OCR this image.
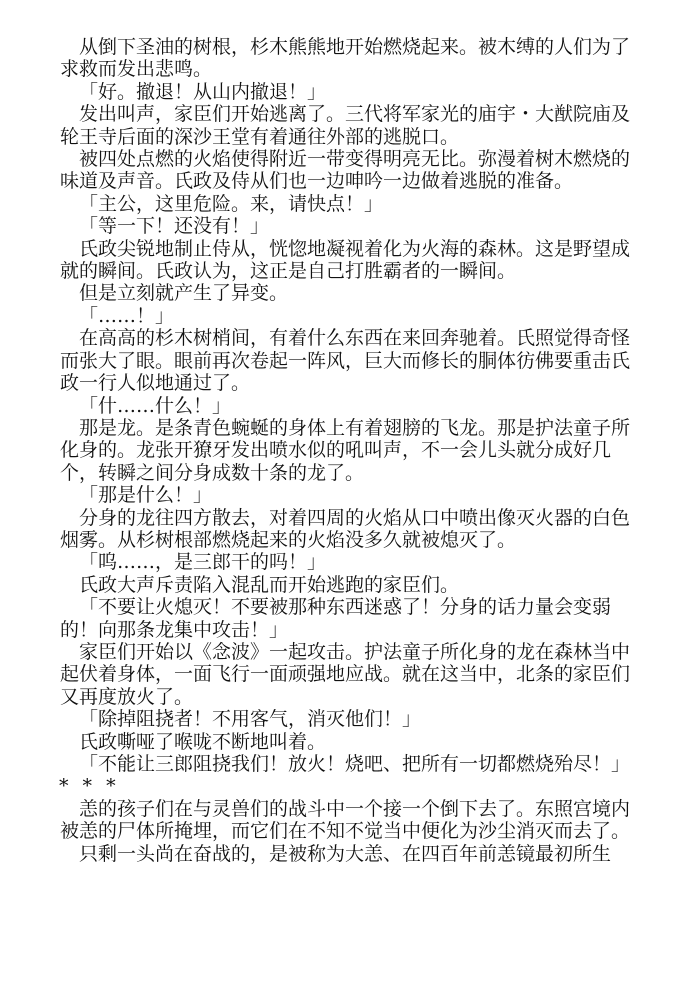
从倒下圣油的树根，杉木熊熊地开始燃烧起来。被木缚的人们为了求救而发出悲鸣。

「好。撤退！从山内撤退！」

发出叫声，家臣们开始逃离了。三代将军家光的庙宇・大猷院庙及轮王寺后面的深沙王堂有着通往外部的逃脱口。

被四处点燃的火焰使得附近一带变得明亮无比。弥漫着树木燃烧的味道及声音。氏政及侍从们也一边呻吟一边做着逃脱的准备。

「主公，这里危险。来，请快点！」

「等一下！还没有！」

氏政尖锐地制止侍从，恍惚地凝视着化为火海的森林。这是野望成就的瞬间。氏政认为，这正是自己打胜霸者的一瞬间。

但是立刻就产生了异变。

「……！」

在高高的杉木树梢间，有着什么东西在来回奔驰着。氏照觉得奇怪而张大了眼。眼前再次卷起一阵风，巨大而修长的胴体彷佛要重击氏政一行人似地通过了。

「什……什么！」

那是龙。是条青色蜿蜒的身体上有着翅膀的飞龙。那是护法童子所化身的。龙张开獠牙发出喷水似的吼叫声，不一会儿头就分成好几个，转瞬之间分身成数十条的龙了。

「那是什么！」

分身的龙往四方散去，对着四周的火焰从口中喷出像灭火器的白色烟雾。从杉树根部燃烧起来的火焰没多久就被熄灭了。

「呜……，是三郎干的吗！」

氏政大声斥责陷入混乱而开始逃跑的家臣们。

「不要让火熄灭！不要被那种东西迷惑了！分身的话力量会变弱的！向那条龙集中攻击！」

家臣们开始以《念波》一起攻击。护法童子所化身的龙在森林当中起伏着身体，一面飞行一面顽强地应战。就在这当中，北条的家臣们又再度放火了。

「除掉阻挠者！不用客气，消灭他们！」

氏政嘶哑了喉咙不断地叫着。

「不能让三郎阻挠我们！放火！烧吧、把所有一切都燃烧殆尽！」

* * *

恙的孩子们在与灵兽们的战斗中一个接一个倒下去了。东照宫境内被恙的尸体所掩埋，而它们在不知不觉当中便化为沙尘消灭而去了。

只剩一头尚在奋战的，是被称为大恙、在四百年前恙镜最初所生
